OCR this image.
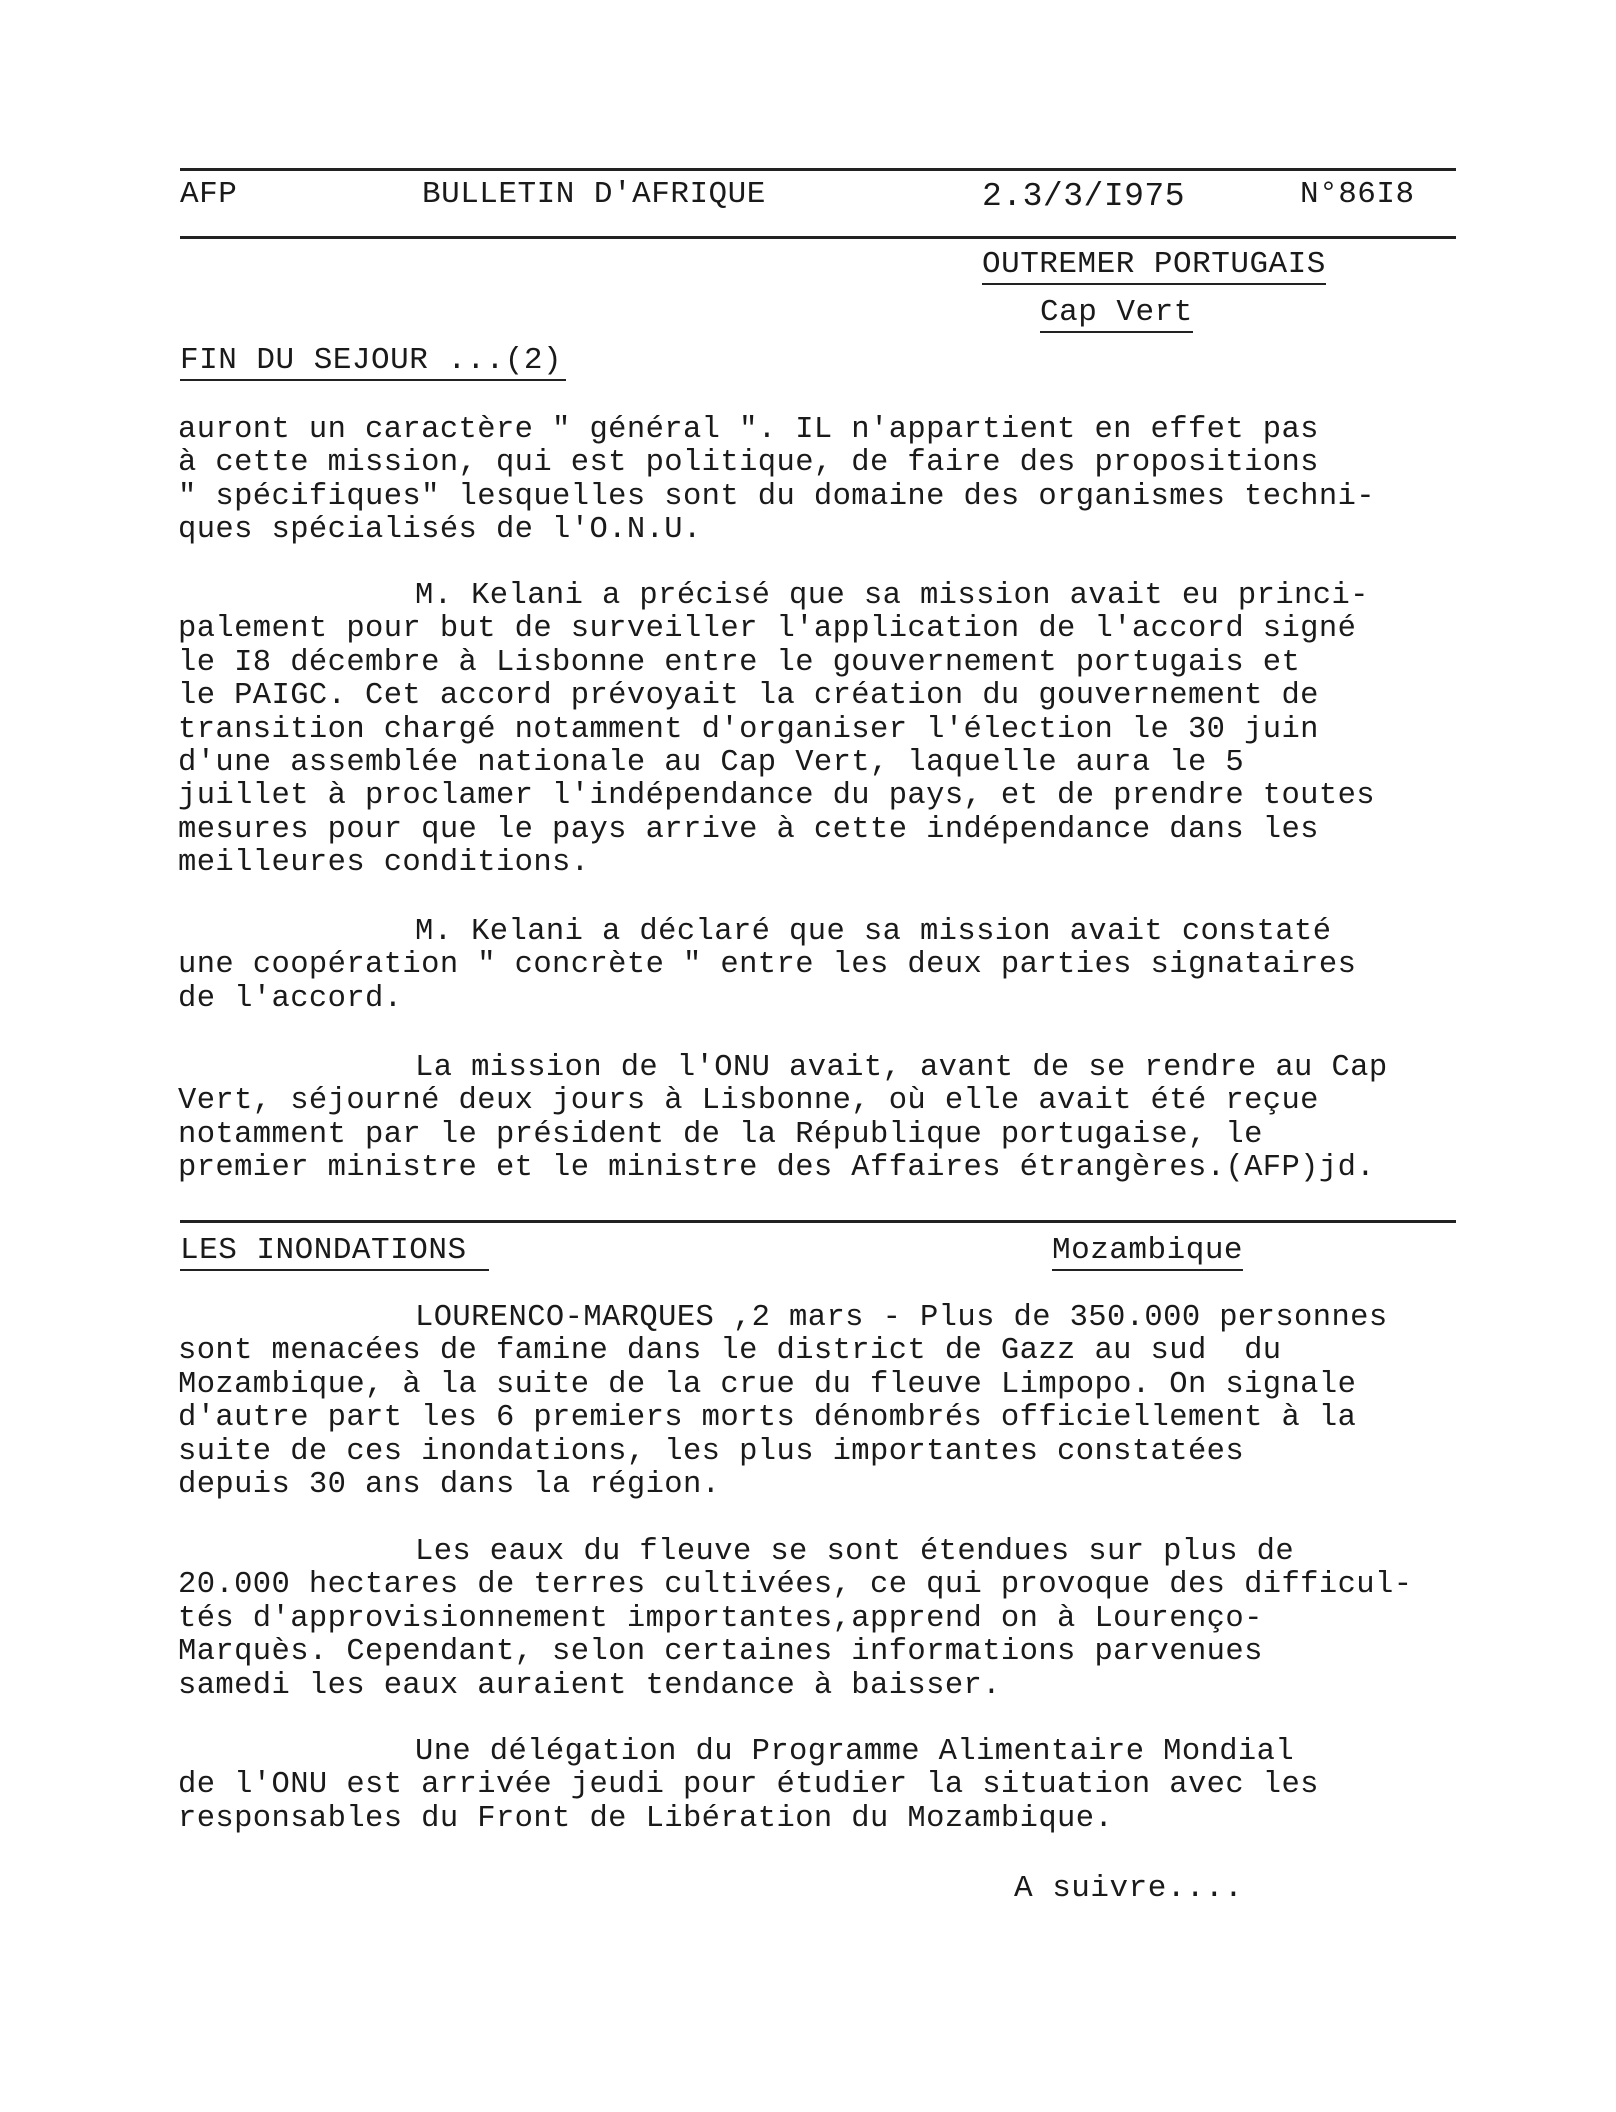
AFP	BULLETIN D'AFRIQUE	2.3/3/I975	N°86I8
OUTREMER PORTUGAIS
Cap Vert
FIN DU SEJOUR ...(2)
auront un caractère " général ". IL n'appartient en effet pas
à cette mission, qui est politique, de faire des propositions
" spécifiques" lesquelles sont du domaine des organismes techni-
ques spécialisés de l'O.N.U.
M. Kelani a précisé que sa mission avait eu princi-
palement pour but de surveiller l'application de l'accord signé
le I8 décembre à Lisbonne entre le gouvernement portugais et
le PAIGC. Cet accord prévoyait la création du gouvernement de
transition chargé notamment d'organiser l'élection le 30 juin
d'une assemblée nationale au Cap Vert, laquelle aura le 5
juillet à proclamer l'indépendance du pays, et de prendre toutes
mesures pour que le pays arrive à cette indépendance dans les
meilleures conditions.
M. Kelani a déclaré que sa mission avait constaté
une coopération " concrète " entre les deux parties signataires
de l'accord.
La mission de l'ONU avait, avant de se rendre au Cap
Vert, séjourné deux jours à Lisbonne, où elle avait été reçue
notamment par le président de la République portugaise, le
premier ministre et le ministre des Affaires étrangères.(AFP)jd.
LES INONDATIONS	Mozambique
LOURENCO-MARQUES ,2 mars - Plus de 350.000 personnes
sont menacées de famine dans le district de Gazz au sud  du
Mozambique, à la suite de la crue du fleuve Limpopo. On signale
d'autre part les 6 premiers morts dénombrés officiellement à la
suite de ces inondations, les plus importantes constatées
depuis 30 ans dans la région.
Les eaux du fleuve se sont étendues sur plus de
20.000 hectares de terres cultivées, ce qui provoque des difficul-
tés d'approvisionnement importantes,apprend on à Lourenço-
Marquès. Cependant, selon certaines informations parvenues
samedi les eaux auraient tendance à baisser.
Une délégation du Programme Alimentaire Mondial
de l'ONU est arrivée jeudi pour étudier la situation avec les
responsables du Front de Libération du Mozambique.
A suivre....
